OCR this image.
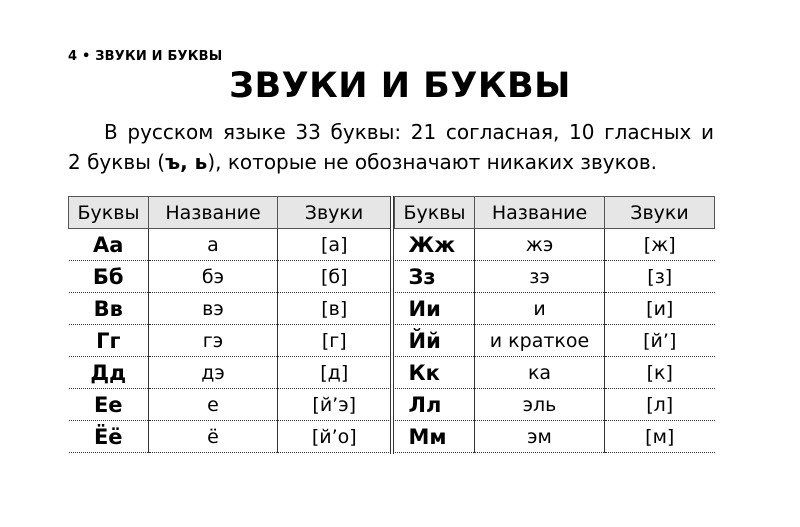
4 • ЗВУКИ И БУКВЫ
ЗВУКИ И БУКВЫ

В русском языке 33 буквы: 21 согласная, 10 гласных и
2 буквы (ъ, ь), которые не обозначают никаких звуков.

Буквы	Название	Звуки
Аа	а	[а]
Бб	бэ	[б]
Вв	вэ	[в]
Гг	гэ	[г]
Дд	дэ	[д]
Ее	е	[й’э]
Ёё	ё	[й’о]
Буквы	Название	Звуки
Жж	жэ	[ж]
Зз	зэ	[з]
Ии	и	[и]
Йй	и краткое	[й’]
Кк	ка	[к]
Лл	эль	[л]
Мм	эм	[м]
